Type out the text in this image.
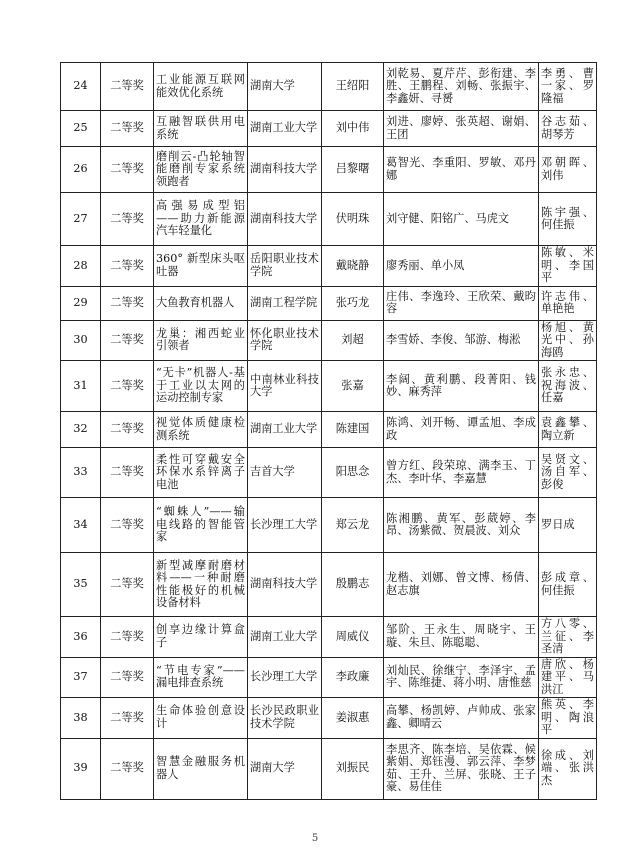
24	二等奖	工业能源互联网能效优化系统	湖南大学	王绍阳	刘乾易、夏芹芹、彭衔建、李胜、王鹏程、刘畅、张振宇、李鑫妍、寻赟	李勇、曹一家、罗隆福
25	二等奖	互融智联供用电系统	湖南工业大学	刘中伟	刘进、廖婷、张英超、谢娟、王团	谷志茹、胡琴芳
26	二等奖	磨削云-凸轮轴智能磨削专家系统领跑者	湖南科技大学	吕黎曙	葛智光、李重阳、罗敏、邓丹娜	邓朝晖、刘伟
27	二等奖	高强易成型铝——助力新能源汽车轻量化	湖南科技大学	伏明珠	刘守健、阳铭广、马虎文	陈宇强、何佳振
28	二等奖	360° 新型床头呕吐器	岳阳职业技术学院	戴晓静	廖秀丽、单小凤	陈敏、米明、李国平
29	二等奖	大鱼教育机器人	湖南工程学院	张巧龙	庄伟、李逸玲、王欣荣、戴昀容	许志伟、单艳艳
30	二等奖	龙巢：湘西蛇业引领者	怀化职业技术学院	刘超	李雪娇、李俊、邹游、梅淞	杨旭、黄光中、孙海鸥
31	二等奖	“无卡”机器人-基于工业以太网的运动控制专家	中南林业科技大学	张嘉	李阔、黄利鹏、段菁阳、钱妙、麻秀萍	张永忠、祝海波、任嘉
32	二等奖	视觉体质健康检测系统	湖南工业大学	陈建国	陈鸿、刘开畅、谭孟旭、李成政	袁鑫攀、陶立新
33	二等奖	柔性可穿戴安全环保水系锌离子电池	吉首大学	阳思念	曾方红、段荣琼、满李玉、丁杰、李叶华、李嘉慧	吴贤文、汤自军、彭俊
34	二等奖	“蜘蛛人”——输电线路的智能管家	长沙理工大学	郑云龙	陈湘鹏、黄军、彭葳婷、李昂、汤紫微、贺晨波、刘众	罗日成
35	二等奖	新型减摩耐磨材料——一种耐磨性能极好的机械设备材料	湖南科技大学	殷鹏志	龙楷、刘娜、曾文博、杨倩、赵志旗	彭成章、何佳振
36	二等奖	创享边缘计算盒子	湖南工业大学	周威仪	邹阶、王永生、周晓宇、王璇、朱旦、陈聪聪、	方八零、兰征、李圣清
37	二等奖	“节电专家”——漏电排查系统	长沙理工大学	李政廉	刘灿民、徐继宁、李泽宇、孟宇、陈维捷、蒋小明、唐惟慈	唐欣、杨建平、马洪江
38	二等奖	生命体验创意设计	长沙民政职业技术学院	姜淑惠	高攀、杨凯婷、卢帅成、张家鑫、卿晴云	熊英、李明、陶浪平
39	二等奖	智慧金融服务机器人	湖南大学	刘振民	李思齐、陈李培、吴依霖、候紫娟、郑钰漫、郭云萍、李梦茹、王升、兰屏、张晓、王子豪、易佳佳	徐成、刘端、张洪杰
5
